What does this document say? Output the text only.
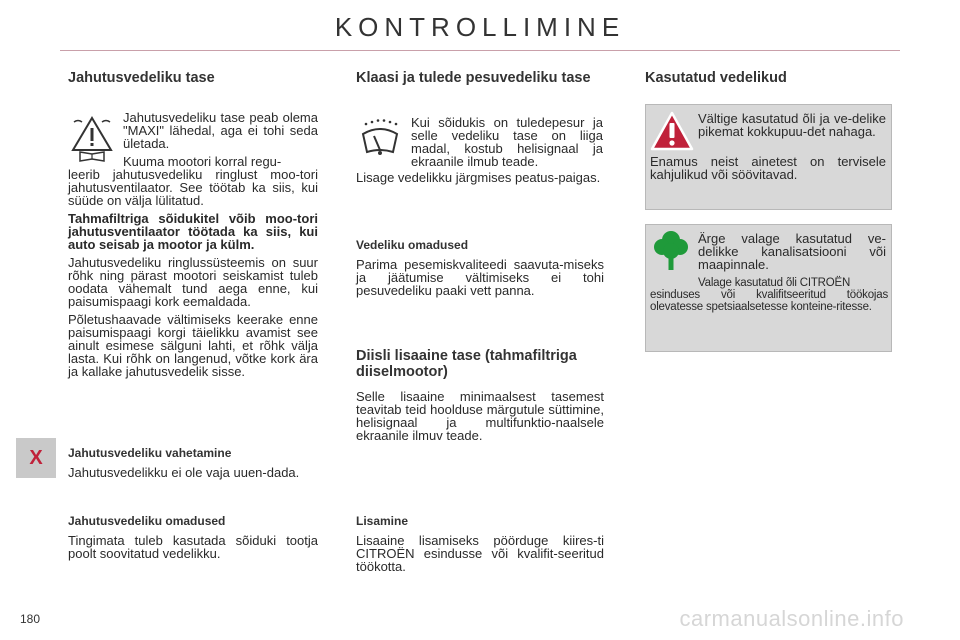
KONTROLLIMINE
Jahutusvedeliku tase

Jahutusvedeliku tase peab olema "MAXI" lähedal, aga ei tohi seda ületada.

Kuuma mootori korral regu-

leerib jahutusvedeliku ringlust moo-tori jahutusventilaator. See töötab ka siis, kui süüde on välja lülitatud.

Tahmafiltriga sõidukitel võib moo-tori jahutusventilaator töötada ka siis, kui auto seisab ja mootor ja külm.

Jahutusvedeliku ringlussüsteemis on suur rõhk ning pärast mootori seiskamist tuleb oodata vähemalt tund aega enne, kui paisumispaagi kork eemaldada.

Põletushaavade vältimiseks keerake enne paisumispaagi korgi täielikku avamist see ainult esimese sälguni lahti, et rõhk välja lasta. Kui rõhk on langenud, võtke kork ära ja kallake jahutusvedelik sisse.

Jahutusvedeliku vahetamine

Jahutusvedelikku ei ole vaja uuen-dada.

Jahutusvedeliku omadused

Tingimata tuleb kasutada sõiduki tootja poolt soovitatud vedelikku.

Klaasi ja tulede pesuvedeliku tase

Kui sõidukis on tuledepesur ja selle vedeliku tase on liiga madal, kostub helisignaal ja ekraanile ilmub teade.

Lisage vedelikku järgmises peatus-paigas.

Vedeliku omadused

Parima pesemiskvaliteedi saavuta-miseks ja jäätumise vältimiseks ei tohi pesuvedeliku paaki vett panna.

Diisli lisaaine tase (tahmafiltriga diiselmootor)

Selle lisaaine minimaalsest tasemest teavitab teid hoolduse märgutule süttimine, helisignaal ja multifunktio-naalsele ekraanile ilmuv teade.

Lisamine

Lisaaine lisamiseks pöörduge kiires-ti CITROËN esindusse või kvalifit-seeritud töökotta.

Kasutatud vedelikud

Vältige kasutatud õli ja ve-delike pikemat kokkupuu-det nahaga.

Enamus neist ainetest on tervisele kahjulikud või söövitavad.

Ärge valage kasutatud ve-delikke kanalisatsiooni või maapinnale.

Valage kasutatud õli CITROËN

esinduses või kvalifitseeritud töökojas olevatesse spetsiaalsetesse konteine-ritesse.

X
180	carmanualsonline.info
